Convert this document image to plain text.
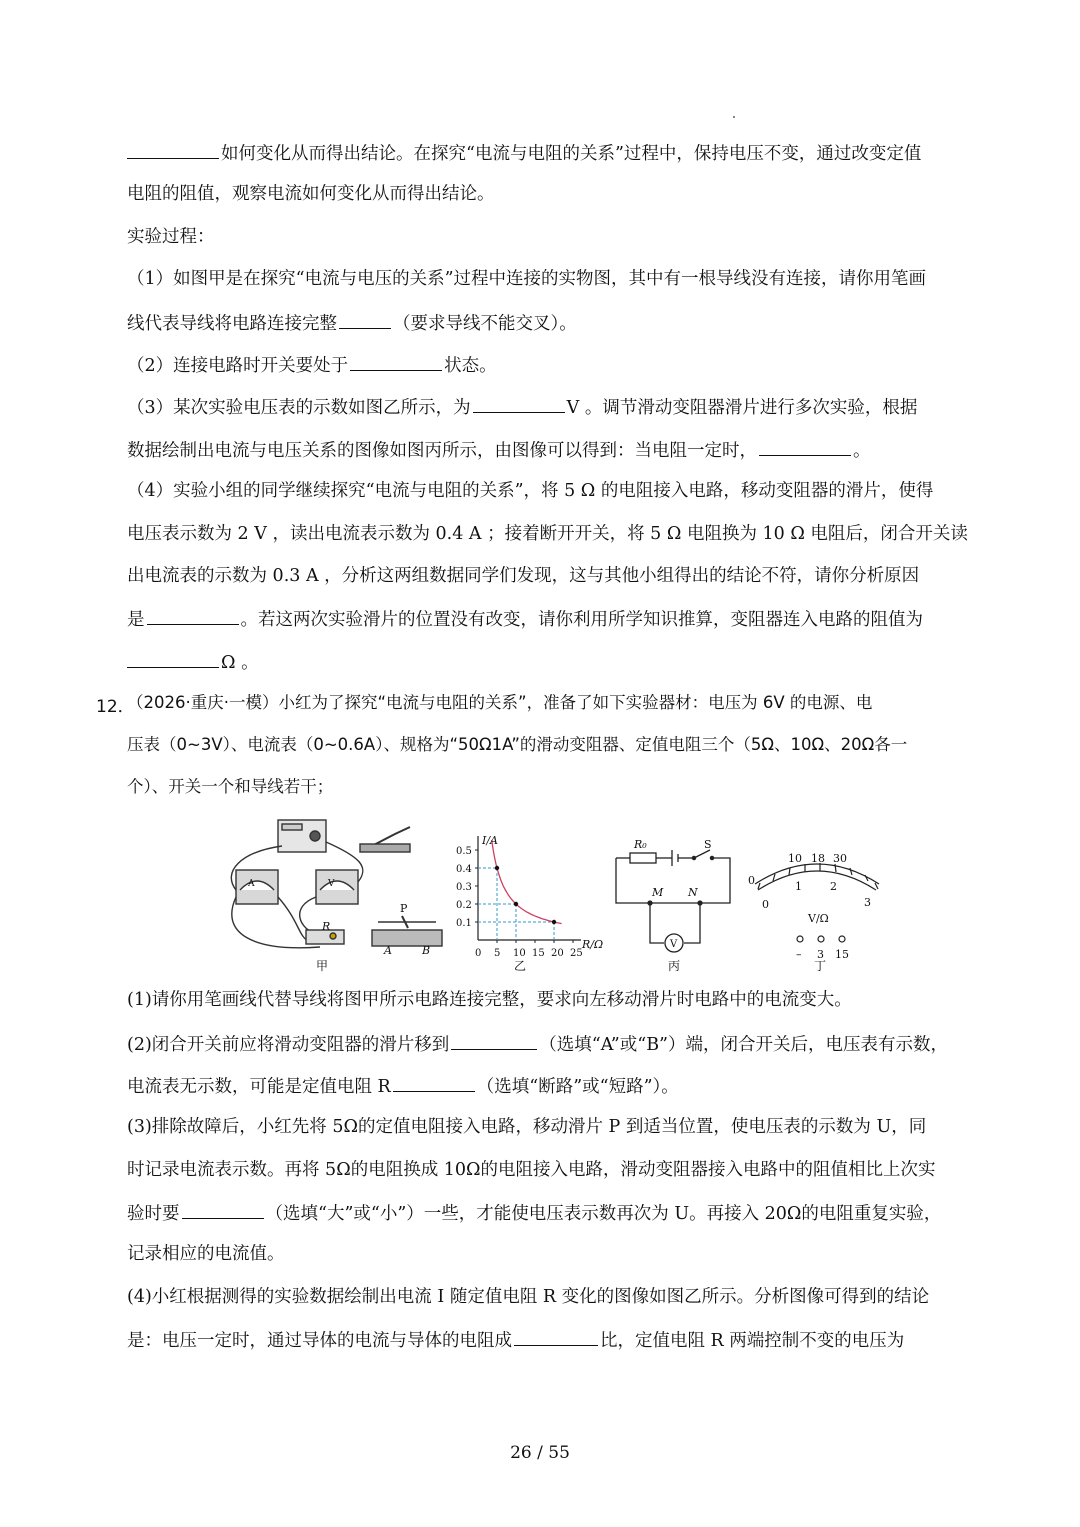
如何变化从而得出结论。在探究“电流与电阻的关系”过程中，保持电压不变，通过改变定值
电阻的阻值，观察电流如何变化从而得出结论。
实验过程：
（1）如图甲是在探究“电流与电压的关系”过程中连接的实物图，其中有一根导线没有连接，请你用笔画
线代表导线将电路连接完整	（要求导线不能交叉）。
（2）连接电路时开关要处于	状态。
（3）某次实验电压表的示数如图乙所示，为	V 。调节滑动变阻器滑片进行多次实验，根据
数据绘制出电流与电压关系的图像如图丙所示，由图像可以得到：当电阻一定时，	。
（4）实验小组的同学继续探究“电流与电阻的关系”，将 5 Ω 的电阻接入电路，移动变阻器的滑片，使得
电压表示数为 2 V ，读出电流表示数为 0.4 A ；接着断开开关，将 5 Ω 电阻换为 10 Ω 电阻后，闭合开关读
出电流表的示数为 0.3 A ，分析这两组数据同学们发现，这与其他小组得出的结论不符，请你分析原因
是	。若这两次实验滑片的位置没有改变，请你利用所学知识推算，变阻器连入电路的阻值为
Ω 。
12．
（2026·重庆·一模）小红为了探究“电流与电阻的关系”，准备了如下实验器材：电压为 6V 的电源、电
压表（0~3V）、电流表（0~0.6A）、规格为“50Ω1A”的滑动变阻器、定值电阻三个（5Ω、10Ω、20Ω各一
个）、开关一个和导线若干；
A	V
R
P
A	B
甲
0.5
0.4
0.3
0.2
0.1
0 5 10 15 20 25
I/A
R/Ω
乙
R₀	S
M N
V
丙
10 18 30
0
0
1	2
3
V/Ω
– 3 15
丁
(1)请你用笔画线代替导线将图甲所示电路连接完整，要求向左移动滑片时电路中的电流变大。
(2)闭合开关前应将滑动变阻器的滑片移到	（选填“A”或“B”）端，闭合开关后，电压表有示数，
电流表无示数，可能是定值电阻 R	（选填“断路”或“短路”）。
(3)排除故障后，小红先将 5Ω的定值电阻接入电路，移动滑片 P 到适当位置，使电压表的示数为 U，同
时记录电流表示数。再将 5Ω的电阻换成 10Ω的电阻接入电路，滑动变阻器接入电路中的阻值相比上次实
验时要	（选填“大”或“小”）一些，才能使电压表示数再次为 U。再接入 20Ω的电阻重复实验，
记录相应的电流值。
(4)小红根据测得的实验数据绘制出电流 I 随定值电阻 R 变化的图像如图乙所示。分析图像可得到的结论
是：电压一定时，通过导体的电流与导体的电阻成	比，定值电阻 R 两端控制不变的电压为
26 / 55
